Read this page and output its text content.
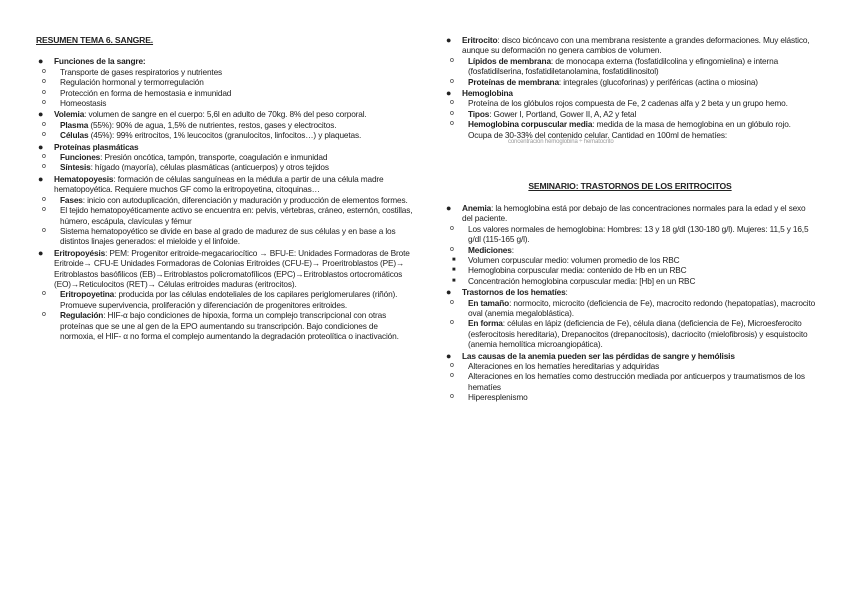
RESUMEN TEMA 6. SANGRE.
● Funciones de la sangre:
o Transporte de gases respiratorios y nutrientes
o Regulación hormonal y termorregulación
o Protección en forma de hemostasia e inmunidad
o Homeostasis
● Volemia: volumen de sangre en el cuerpo: 5,6l en adulto de 70kg. 8% del peso corporal.
o Plasma (55%): 90% de agua, 1,5% de nutrientes, restos, gases y electrocitos.
o Células (45%): 99% eritrocitos, 1% leucocitos (granulocitos, linfocitos…) y plaquetas.
● Proteínas plasmáticas
o Funciones: Presión oncótica, tampón, transporte, coagulación e inmunidad
o Síntesis: hígado (mayoría), células plasmáticas (anticuerpos) y otros tejidos
● Hematopoyesis: formación de células sanguíneas en la médula a partir de una célula madre hematopoyética. Requiere muchos GF como la eritropoyetina, citoquinas…
o Fases: inicio con autoduplicación, diferenciación y maduración y producción de elementos formes.
o El tejido hematopoyéticamente activo se encuentra en: pelvis, vértebras, cráneo, esternón, costillas, húmero, escápula, clavículas y fémur
o Sistema hematopoyético se divide en base al grado de madurez de sus células y en base a los distintos linajes generados: el mieloide y el linfoide.
● Eritropoyésis: PEM: Progenitor eritroide-megacariocítico → BFU-E: Unidades Formadoras de Brote Eritroide→ CFU-E Unidades Formadoras de Colonias Eritroides (CFU-E)→ Proeritroblastos (PE)→ Eritroblastos basófilicos (EB)→Eritroblastos policromatofílicos (EPC)→Eritroblastos ortocromáticos (EO)→Reticulocitos (RET)→ Células eritroides maduras (eritrocitos).
o Eritropoyetina: producida por las células endoteliales de los capilares periglomerulares (riñón). Promueve supervivencia, proliferación y diferenciación de progenitores eritroides.
o Regulación: HIF-α bajo condiciones de hipoxia, forma un complejo transcripcional con otras proteínas que se une al gen de la EPO aumentando su transcripción. Bajo condiciones de normoxia, el HIF- α no forma el complejo aumentando la degradación proteolítica o inactivación.
● Eritrocito: disco bicóncavo con una membrana resistente a grandes deformaciones. Muy elástico, aunque su deformación no genera cambios de volumen.
o Lípidos de membrana: de monocapa externa (fosfatidilcolina y efingomielina) e interna (fosfatidilserina, fosfatidiletanolamina, fosfatidilinositol)
o Proteínas de membrana: integrales (glucoforinas) y periféricas (actina o miosina)
● Hemoglobina
o Proteína de los glóbulos rojos compuesta de Fe, 2 cadenas alfa y 2 beta y un grupo hemo.
o Tipos: Gower I, Portland, Gower II, A, A2 y fetal
o Hemoglobina corpuscular media: medida de la masa de hemoglobina en un glóbulo rojo. Ocupa de 30-33% del contenido celular. Cantidad en 100ml de hematíes:
concentración hemoglobina ÷ hematocrito
SEMINARIO: TRASTORNOS DE LOS ERITROCITOS
● Anemia: la hemoglobina está por debajo de las concentraciones normales para la edad y el sexo del paciente.
o Los valores normales de hemoglobina: Hombres: 13 y 18 g/dl (130-180 g/l). Mujeres: 11,5 y 16,5 g/dl (115-165 g/l).
o Mediciones:
■ Volumen corpuscular medio: volumen promedio de los RBC
■ Hemoglobina corpuscular media: contenido de Hb en un RBC
■ Concentración hemoglobina corpuscular media: [Hb] en un RBC
● Trastornos de los hematíes:
o En tamaño: normocito, microcito (deficiencia de Fe), macrocito redondo (hepatopatías), macrocito oval (anemia megaloblástica).
o En forma: células en lápiz (deficiencia de Fe), célula diana (deficiencia de Fe), Microesferocito (esferocitosis hereditaria), Drepanocitos (drepanocitosis), dacriocito (mielofibrosis) y esquistocito (anemia hemolítica microangiopática).
● Las causas de la anemia pueden ser las pérdidas de sangre y hemólisis
o Alteraciones en los hematíes hereditarias y adquiridas
o Alteraciones en los hematíes como destrucción mediada por anticuerpos y traumatismos de los hematíes
o Hiperesplenismo
